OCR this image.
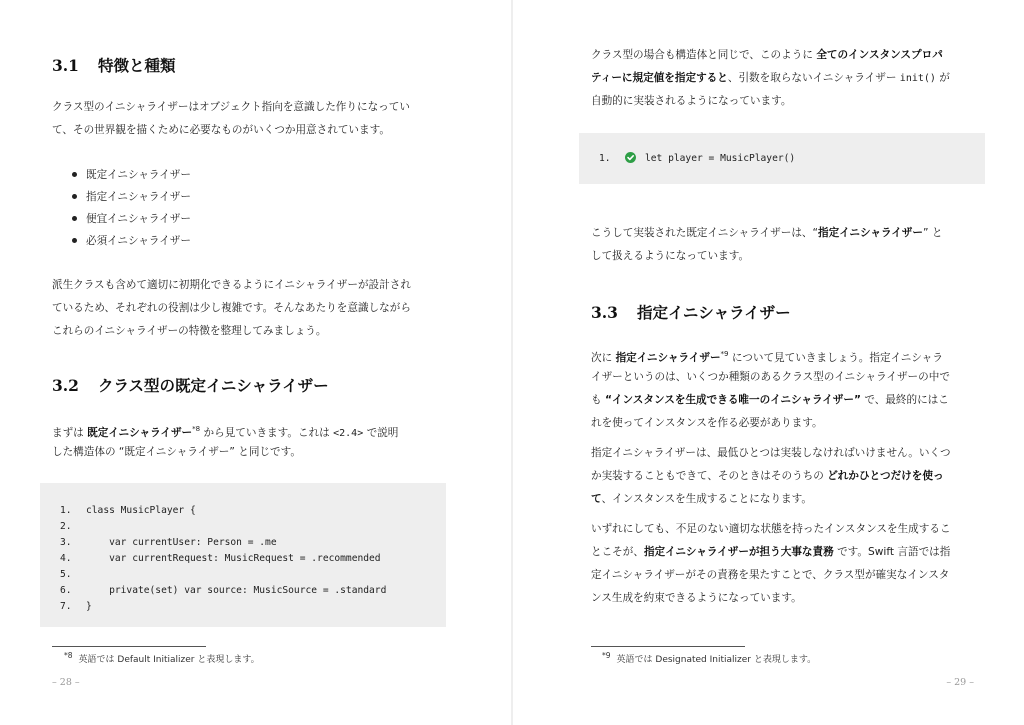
3.1 特徴と種類
クラス型のイニシャライザーはオブジェクト指向を意識した作りになってい
て、その世界観を描くために必要なものがいくつか用意されています。
既定イニシャライザー
指定イニシャライザー
便宜イニシャライザー
必須イニシャライザー
派生クラスも含めて適切に初期化できるようにイニシャライザーが設計され
ているため、それぞれの役割は少し複雑です。そんなあたりを意識しながら
これらのイニシャライザーの特徴を整理してみましょう。
3.2 クラス型の既定イニシャライザー
まずは 既定イニシャライザー$^{*8}$ から見ていきます。これは <2.4> で説明
した構造体の “既定イニシャライザー” と同じです。
1. class MusicPlayer {
2.
3.    var currentUser: Person = .me
4.    var currentRequest: MusicRequest = .recommended
5.
6.    private(set) var source: MusicSource = .standard
7. }
$^{*8}$ 英語では Default Initializer と表現します。
– 28 –
クラス型の場合も構造体と同じで、このように 全てのインスタンスプロパ
ティーに規定値を指定すると、引数を取らないイニシャライザー init() が
自動的に実装されるようになっています。
1.	let player = MusicPlayer()
こうして実装された既定イニシャライザーは、“指定イニシャライザー” と
して扱えるようになっています。
3.3 指定イニシャライザー
次に 指定イニシャライザー$^{*9}$ について見ていきましょう。指定イニシャラ
イザーというのは、いくつか種類のあるクラス型のイニシャライザーの中で
も “インスタンスを生成できる唯一のイニシャライザー” で、最終的にはこ
れを使ってインスタンスを作る必要があります。
指定イニシャライザーは、最低ひとつは実装しなければいけません。いくつ
か実装することもできて、そのときはそのうちの どれかひとつだけを使っ
て、インスタンスを生成することになります。
いずれにしても、不足のない適切な状態を持ったインスタンスを生成するこ
とこそが、指定イニシャライザーが担う大事な責務 です。Swift 言語では指
定イニシャライザーがその責務を果たすことで、クラス型が確実なインスタ
ンス生成を約束できるようになっています。
$^{*9}$ 英語では Designated Initializer と表現します。
– 29 –
